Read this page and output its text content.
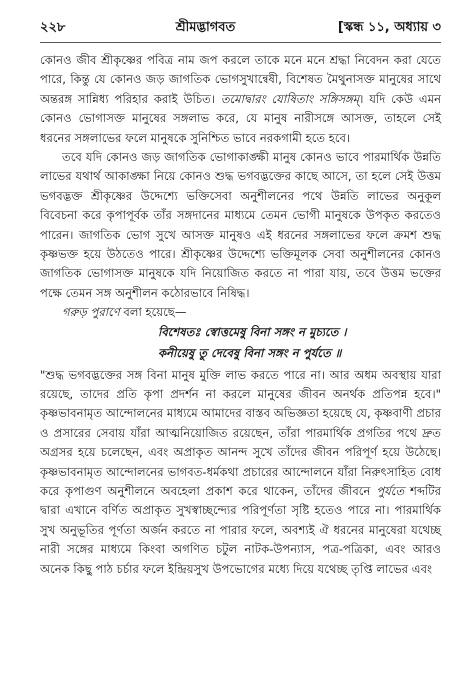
২২৮	শ্রীমদ্ভাগবত	[স্কন্ধ ১১, অধ্যায় ৩

কোনও জীব শ্রীকৃষ্ণের পবিত্র নাম জপ করলে তাকে মনে মনে শ্রদ্ধা নিবেদন করা যেতে পারে, কিন্তু যে কোনও জড় জাগতিক ভোগসুখান্বেষী, বিশেষত মৈথুনাসক্ত মানুষের সাথে অন্তরঙ্গ সান্নিধ্য পরিহার করাই উচিত। তমোদ্বারং যোষিতাং সঙ্গিসঙ্গম্‌। যদি কেউ এমন কোনও ভোগাসক্ত মানুষের সঙ্গলাভ করে, যে মানুষ নারীসঙ্গে আসক্ত, তাহলে সেই ধরনের সঙ্গলাভের ফলে মানুষকে সুনিশ্চিত ভাবে নরকগামী হতে হবে।

তবে যদি কোনও জড় জাগতিক ভোগাকাঙ্ক্ষী মানুষ কোনও ভাবে পারমার্থিক উন্নতি লাভের যথার্থ আকাঙ্ক্ষা নিয়ে কোনও শুদ্ধ ভগবদ্ভক্তের কাছে আসে, তা হলে সেই উত্তম ভগবদ্ভক্ত শ্রীকৃষ্ণের উদ্দেশ্যে ভক্তিসেবা অনুশীলনের পথে উন্নতি লাভের অনুকূল বিবেচনা করে কৃপাপূর্বক তাঁর সঙ্গদানের মাধ্যমে তেমন ভোগী মানুষকে উপকৃত করতেও পারেন। জাগতিক ভোগ সুখে আসক্ত মানুষও এই ধরনের সঙ্গলাভের ফলে ক্রমশ শুদ্ধ কৃষ্ণভক্ত হয়ে উঠতেও পারে। শ্রীকৃষ্ণের উদ্দেশ্যে ভক্তিমূলক সেবা অনুশীলনের কোনও জাগতিক ভোগাসক্ত মানুষকে যদি নিয়োজিত করতে না পারা যায়, তবে উত্তম ভক্তের পক্ষে তেমন সঙ্গ অনুশীলন কঠোরভাবে নিষিদ্ধ।

গরুড় পুরাণে বলা হয়েছে—

বিশেষতঃ স্বোত্তমেষু বিনা সঙ্গং ন মুচ্যতে ।

কনীয়েষু তু দেবেষু বিনা সঙ্গং ন পুর্যতে ॥

"শুদ্ধ ভগবদ্ভক্তের সঙ্গ বিনা মানুষ মুক্তি লাভ করতে পারে না। আর অধম অবস্থায় যারা রয়েছে, তাদের প্রতি কৃপা প্রদর্শন না করলে মানুষের জীবন অনর্থক প্রতিপন্ন হবে।" কৃষ্ণভাবনামৃত আন্দোলনের মাধ্যমে আমাদের বাস্তব অভিজ্ঞতা হয়েছে যে, কৃষ্ণবাণী প্রচার ও প্রসারের সেবায় যাঁরা আত্মনিয়োজিত রয়েছেন, তাঁরা পারমার্থিক প্রগতির পথে দ্রুত অগ্রসর হয়ে চলেছেন, এবং অপ্রাকৃত আনন্দ সুখে তাঁদের জীবন পরিপূর্ণ হয়ে উঠেছে। কৃষ্ণভাবনামৃত আন্দোলনের ভাগবত-ধর্মকথা প্রচারের আন্দোলনে যাঁরা নিরুৎসাহিত বোধ করে কৃপাগুণ অনুশীলনে অবহেলা প্রকাশ করে থাকেন, তাঁদের জীবনে পুর্যতে শব্দটির দ্বারা এখানে বর্ণিত অপ্রাকৃত সুখস্বাচ্ছন্দ্যের পরিপূর্ণতা সৃষ্টি হতেও পারে না। পারমার্থিক সুখ অনুভূতির পূর্ণতা অর্জন করতে না পারার ফলে, অবশ্যই ঐ ধরনের মানুষেরা যথেচ্ছ নারী সঙ্গের মাধ্যমে কিংবা অগণিত চটুল নাটক-উপন্যাস, পত্র-পত্রিকা, এবং আরও অনেক কিছু পাঠ চর্চার ফলে ইন্দ্রিয়সুখ উপভোগের মধ্যে দিয়ে যথেচ্ছ তৃপ্তি লাভের এবং
